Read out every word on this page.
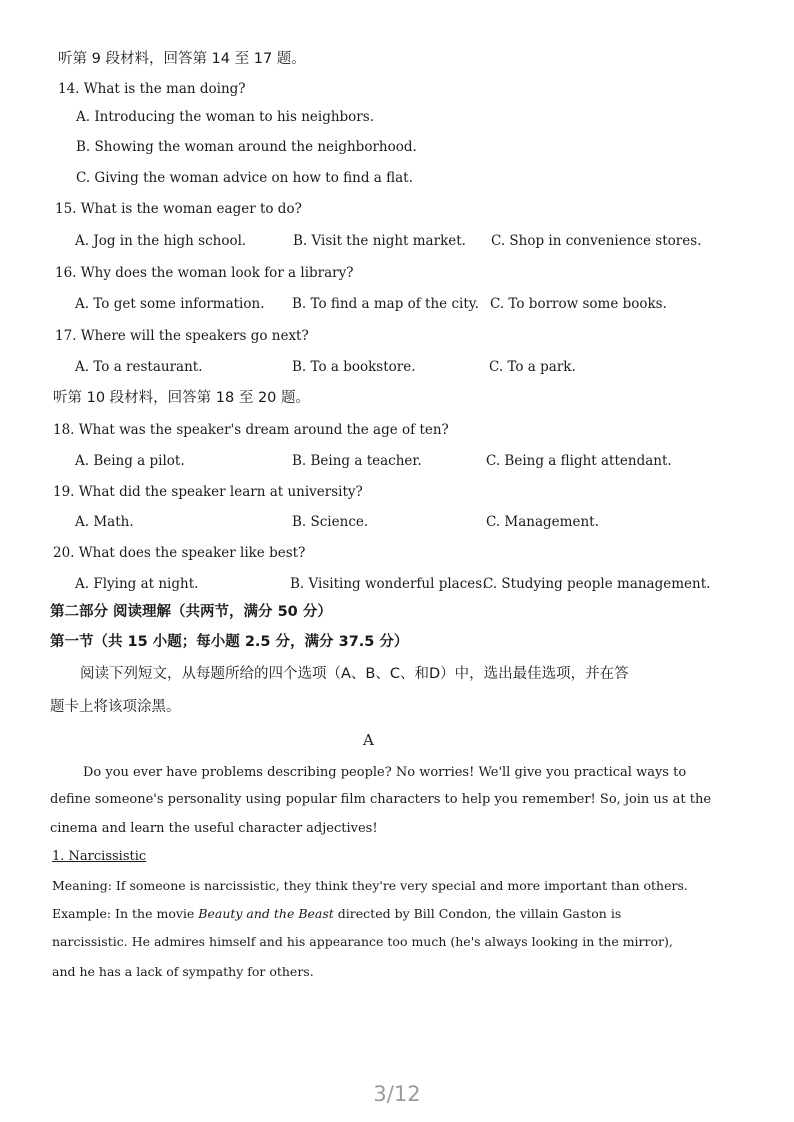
听第 9 段材料，回答第 14 至 17 题。
14. What is the man doing?
A. Introducing the woman to his neighbors.
B. Showing the woman around the neighborhood.
C. Giving the woman advice on how to find a flat.
15. What is the woman eager to do?
A. Jog in the high school.	B. Visit the night market. C. Shop in convenience stores.
16. Why does the woman look for a library?
A. To get some information. B. To find a map of the city. C. To borrow some books.
17. Where will the speakers go next?
A. To a restaurant.	B. To a bookstore.	C. To a park.
听第 10 段材料，回答第 18 至 20 题。
18. What was the speaker's dream around the age of ten?
A. Being a pilot.	B. Being a teacher.	C. Being a flight attendant.
19. What did the speaker learn at university?
A. Math.	B. Science.	C. Management.
20. What does the speaker like best?
A. Flying at night.	B. Visiting wonderful places.
C. Studying people management.
第二部分 阅读理解（共两节，满分 50 分）
第一节（共 15 小题；每小题 2.5 分，满分 37.5 分）
阅读下列短文，从每题所给的四个选项（A、B、C、和D）中，选出最佳选项，并在答
题卡上将该项涂黑。
A
Do you ever have problems describing people? No worries! We'll give you practical ways to
define someone's personality using popular film characters to help you remember! So, join us at the
cinema and learn the useful character adjectives!
1. Narcissistic
Meaning: If someone is narcissistic, they think they're very special and more important than others.
Example: In the movie Beauty and the Beast directed by Bill Condon, the villain Gaston is
narcissistic. He admires himself and his appearance too much (he's always looking in the mirror),
and he has a lack of sympathy for others.
3/12
